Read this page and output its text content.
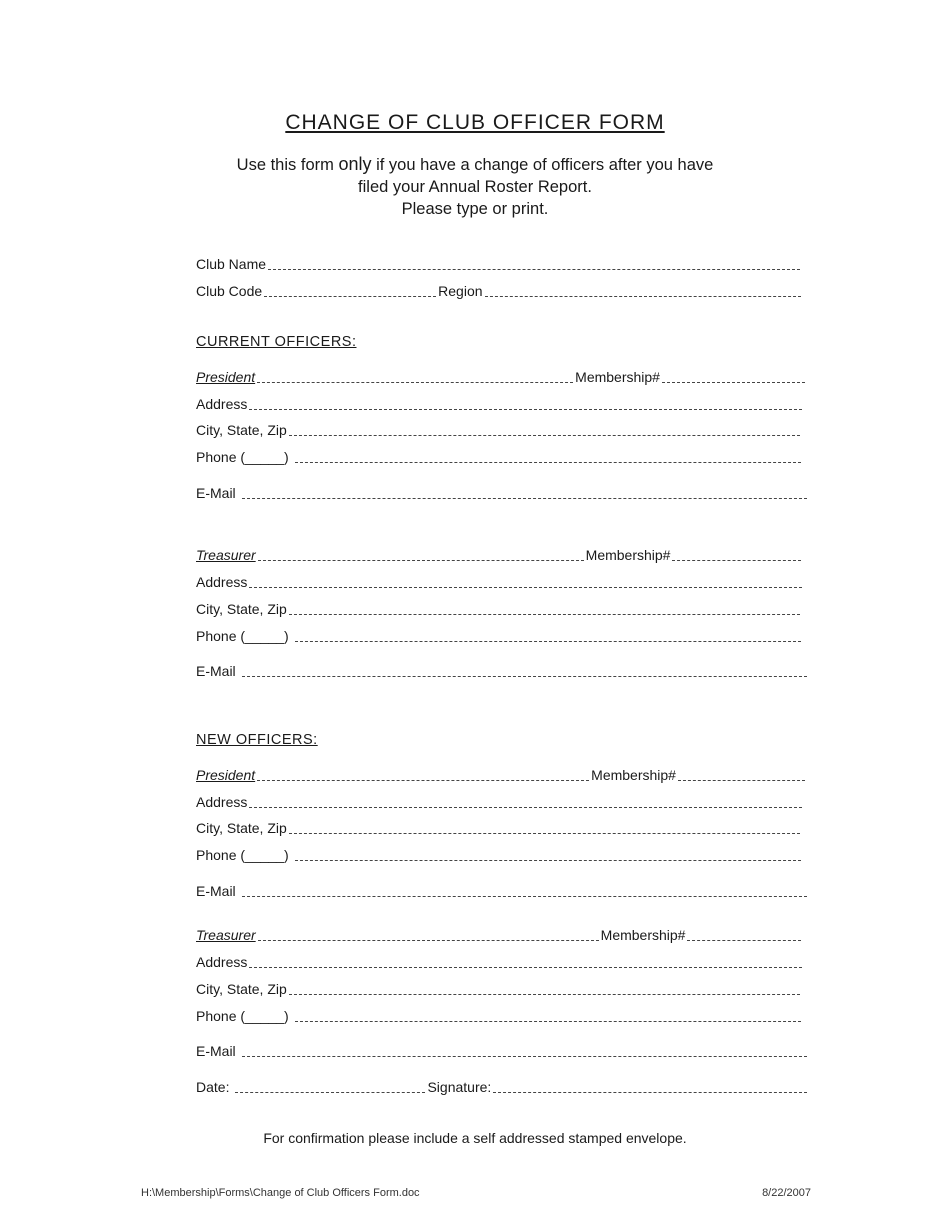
CHANGE OF CLUB OFFICER FORM
Use this form only if you have a change of officers after you have
filed your Annual Roster Report.
Please type or print.
Club Name
Club Code	Region
CURRENT OFFICERS:
President	Membership#
Address
City, State, Zip
Phone (_____)
E-Mail
Treasurer	Membership#
Address
City, State, Zip
Phone (_____)
E-Mail
NEW OFFICERS:
President	Membership#
Address
City, State, Zip
Phone (_____)
E-Mail
Treasurer	Membership#
Address
City, State, Zip
Phone (_____)
E-Mail
Date:	Signature:
For confirmation please include a self addressed stamped envelope.
H:\Membership\Forms\Change of Club Officers Form.doc	8/22/2007
